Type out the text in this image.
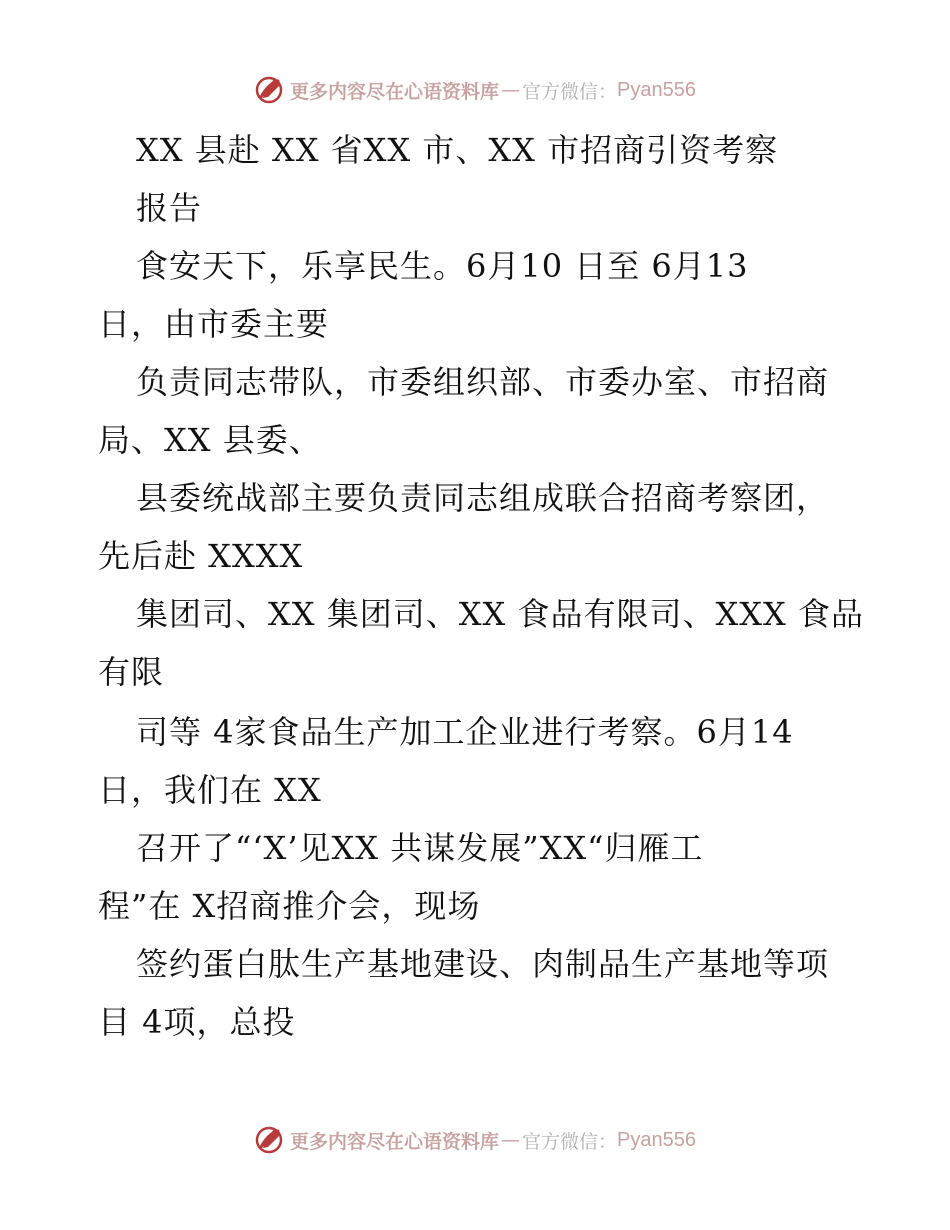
更多内容尽在心语资料库 — 官方微信： Pyan556
XX 县赴 XX 省XX 市、XX 市招商引资考察
报告
食安天下，乐享民生。6月10 日至 6月13
日，由市委主要
负责同志带队，市委组织部、市委办室、市招商
局、XX 县委、
县委统战部主要负责同志组成联合招商考察团，
先后赴 XXXX
集团司、XX 集团司、XX 食品有限司、XXX 食品
有限
司等 4家食品生产加工企业进行考察。6月14
日，我们在 XX
召开了“‘X’见XX 共谋发展”XX“归雁工
程”在 X招商推介会，现场
签约蛋白肽生产基地建设、肉制品生产基地等项
目 4项，总投
更多内容尽在心语资料库 — 官方微信： Pyan556
